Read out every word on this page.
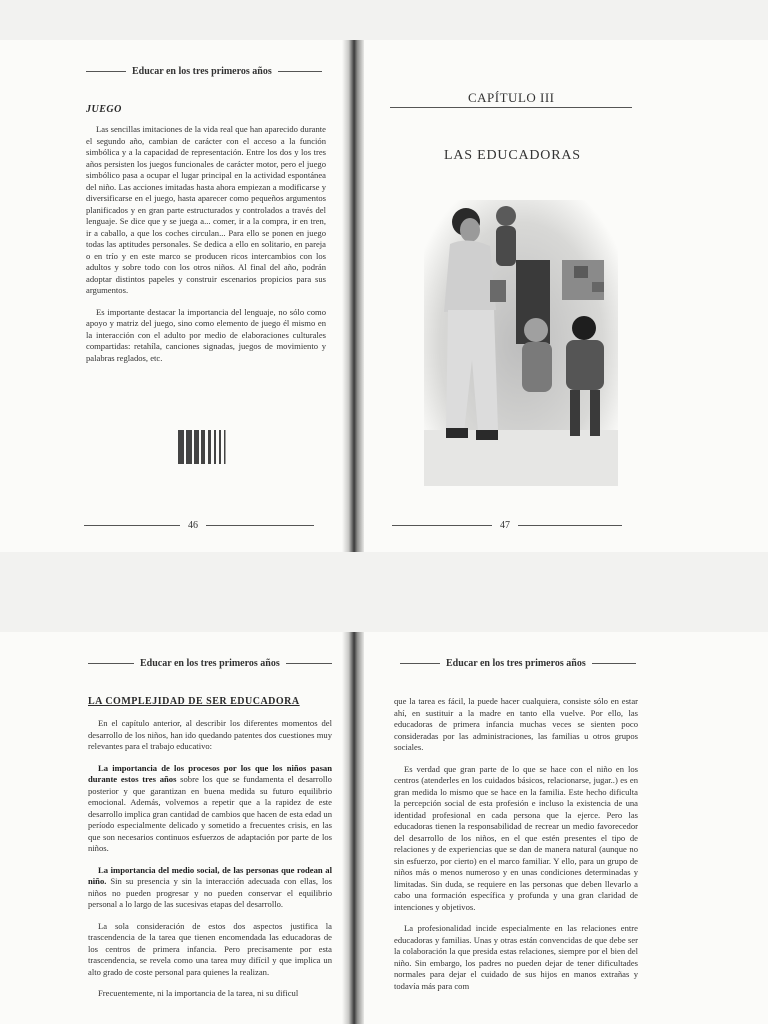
Educar en los tres primeros años
JUEGO

Las sencillas imitaciones de la vida real que han aparecido durante el segundo año, cambian de carácter con el acceso a la función simbólica y a la capacidad de representación. Entre los dos y los tres años persisten los juegos funcionales de carácter motor, pero el juego simbólico pasa a ocupar el lugar principal en la actividad espontánea del niño. Las acciones imitadas hasta ahora empiezan a modificarse y diversificarse en el juego, hasta aparecer como pequeños argumentos planificados y en gran parte estructurados y controlados a través del lenguaje. Se dice que y se juega a... comer, ir a la compra, ir en tren, ir a caballo, a que los coches circulan... Para ello se ponen en juego todas las aptitudes personales. Se dedica a ello en solitario, en pareja o en trío y en este marco se producen ricos intercambios con los adultos y sobre todo con los otros niños. Al final del año, podrán adoptar distintos papeles y construir escenarios propicios para sus argumentos.

Es importante destacar la importancia del lenguaje, no sólo como apoyo y matriz del juego, sino como elemento de juego él mismo en la interacción con el adulto por medio de elaboraciones culturales compartidas: retahíla, canciones signadas, juegos de movimiento y palabras reglados, etc.

46
CAPÍTULO III
LAS EDUCADORAS
47
Educar en los tres primeros años
LA COMPLEJIDAD DE SER EDUCADORA

En el capítulo anterior, al describir los diferentes momentos del desarrollo de los niños, han ido quedando patentes dos cuestiones muy relevantes para el trabajo educativo:

La importancia de los procesos por los que los niños pasan durante estos tres años sobre los que se fundamenta el desarrollo posterior y que garantizan en buena medida su futuro equilibrio emocional. Además, volvemos a repetir que a la rapidez de este desarrollo implica gran cantidad de cambios que hacen de esta edad un período especialmente delicado y sometido a frecuentes crisis, en las que son necesarios continuos esfuerzos de adaptación por parte de los niños.

La importancia del medio social, de las personas que rodean al niño. Sin su presencia y sin la interacción adecuada con ellas, los niños no pueden progresar y no pueden conservar el equilibrio personal a lo largo de las sucesivas etapas del desarrollo.

La sola consideración de estos dos aspectos justifica la trascendencia de la tarea que tienen encomendada las educadoras de los centros de primera infancia. Pero precisamente por esta trascendencia, se revela como una tarea muy difícil y que implica un alto grado de coste personal para quienes la realizan.

Frecuentemente, ni la importancia de la tarea, ni su dificul

Educar en los tres primeros años

que la tarea es fácil, la puede hacer cualquiera, consiste sólo en estar ahí, en sustituir a la madre en tanto ella vuelve. Por ello, las educadoras de primera infancia muchas veces se sienten poco consideradas por las administraciones, las familias u otros grupos sociales.

Es verdad que gran parte de lo que se hace con el niño en los centros (atenderles en los cuidados básicos, relacionarse, jugar..) es en gran medida lo mismo que se hace en la familia. Este hecho dificulta la percepción social de esta profesión e incluso la existencia de una identidad profesional en cada persona que la ejerce. Pero las educadoras tienen la responsabilidad de recrear un medio favorecedor del desarrollo de los niños, en el que estén presentes el tipo de relaciones y de experiencias que se dan de manera natural (aunque no sin esfuerzo, por cierto) en el marco familiar. Y ello, para un grupo de niños más o menos numeroso y en unas condiciones determinadas y limitadas. Sin duda, se requiere en las personas que deben llevarlo a cabo una formación específica y profunda y una gran claridad de intenciones y objetivos.

La profesionalidad incide especialmente en las relaciones entre educadoras y familias. Unas y otras están convencidas de que debe ser la colaboración la que presida estas relaciones, siempre por el bien del niño. Sin embargo, los padres no pueden dejar de tener dificultades normales para dejar el cuidado de sus hijos en manos extrañas y todavía más para com
